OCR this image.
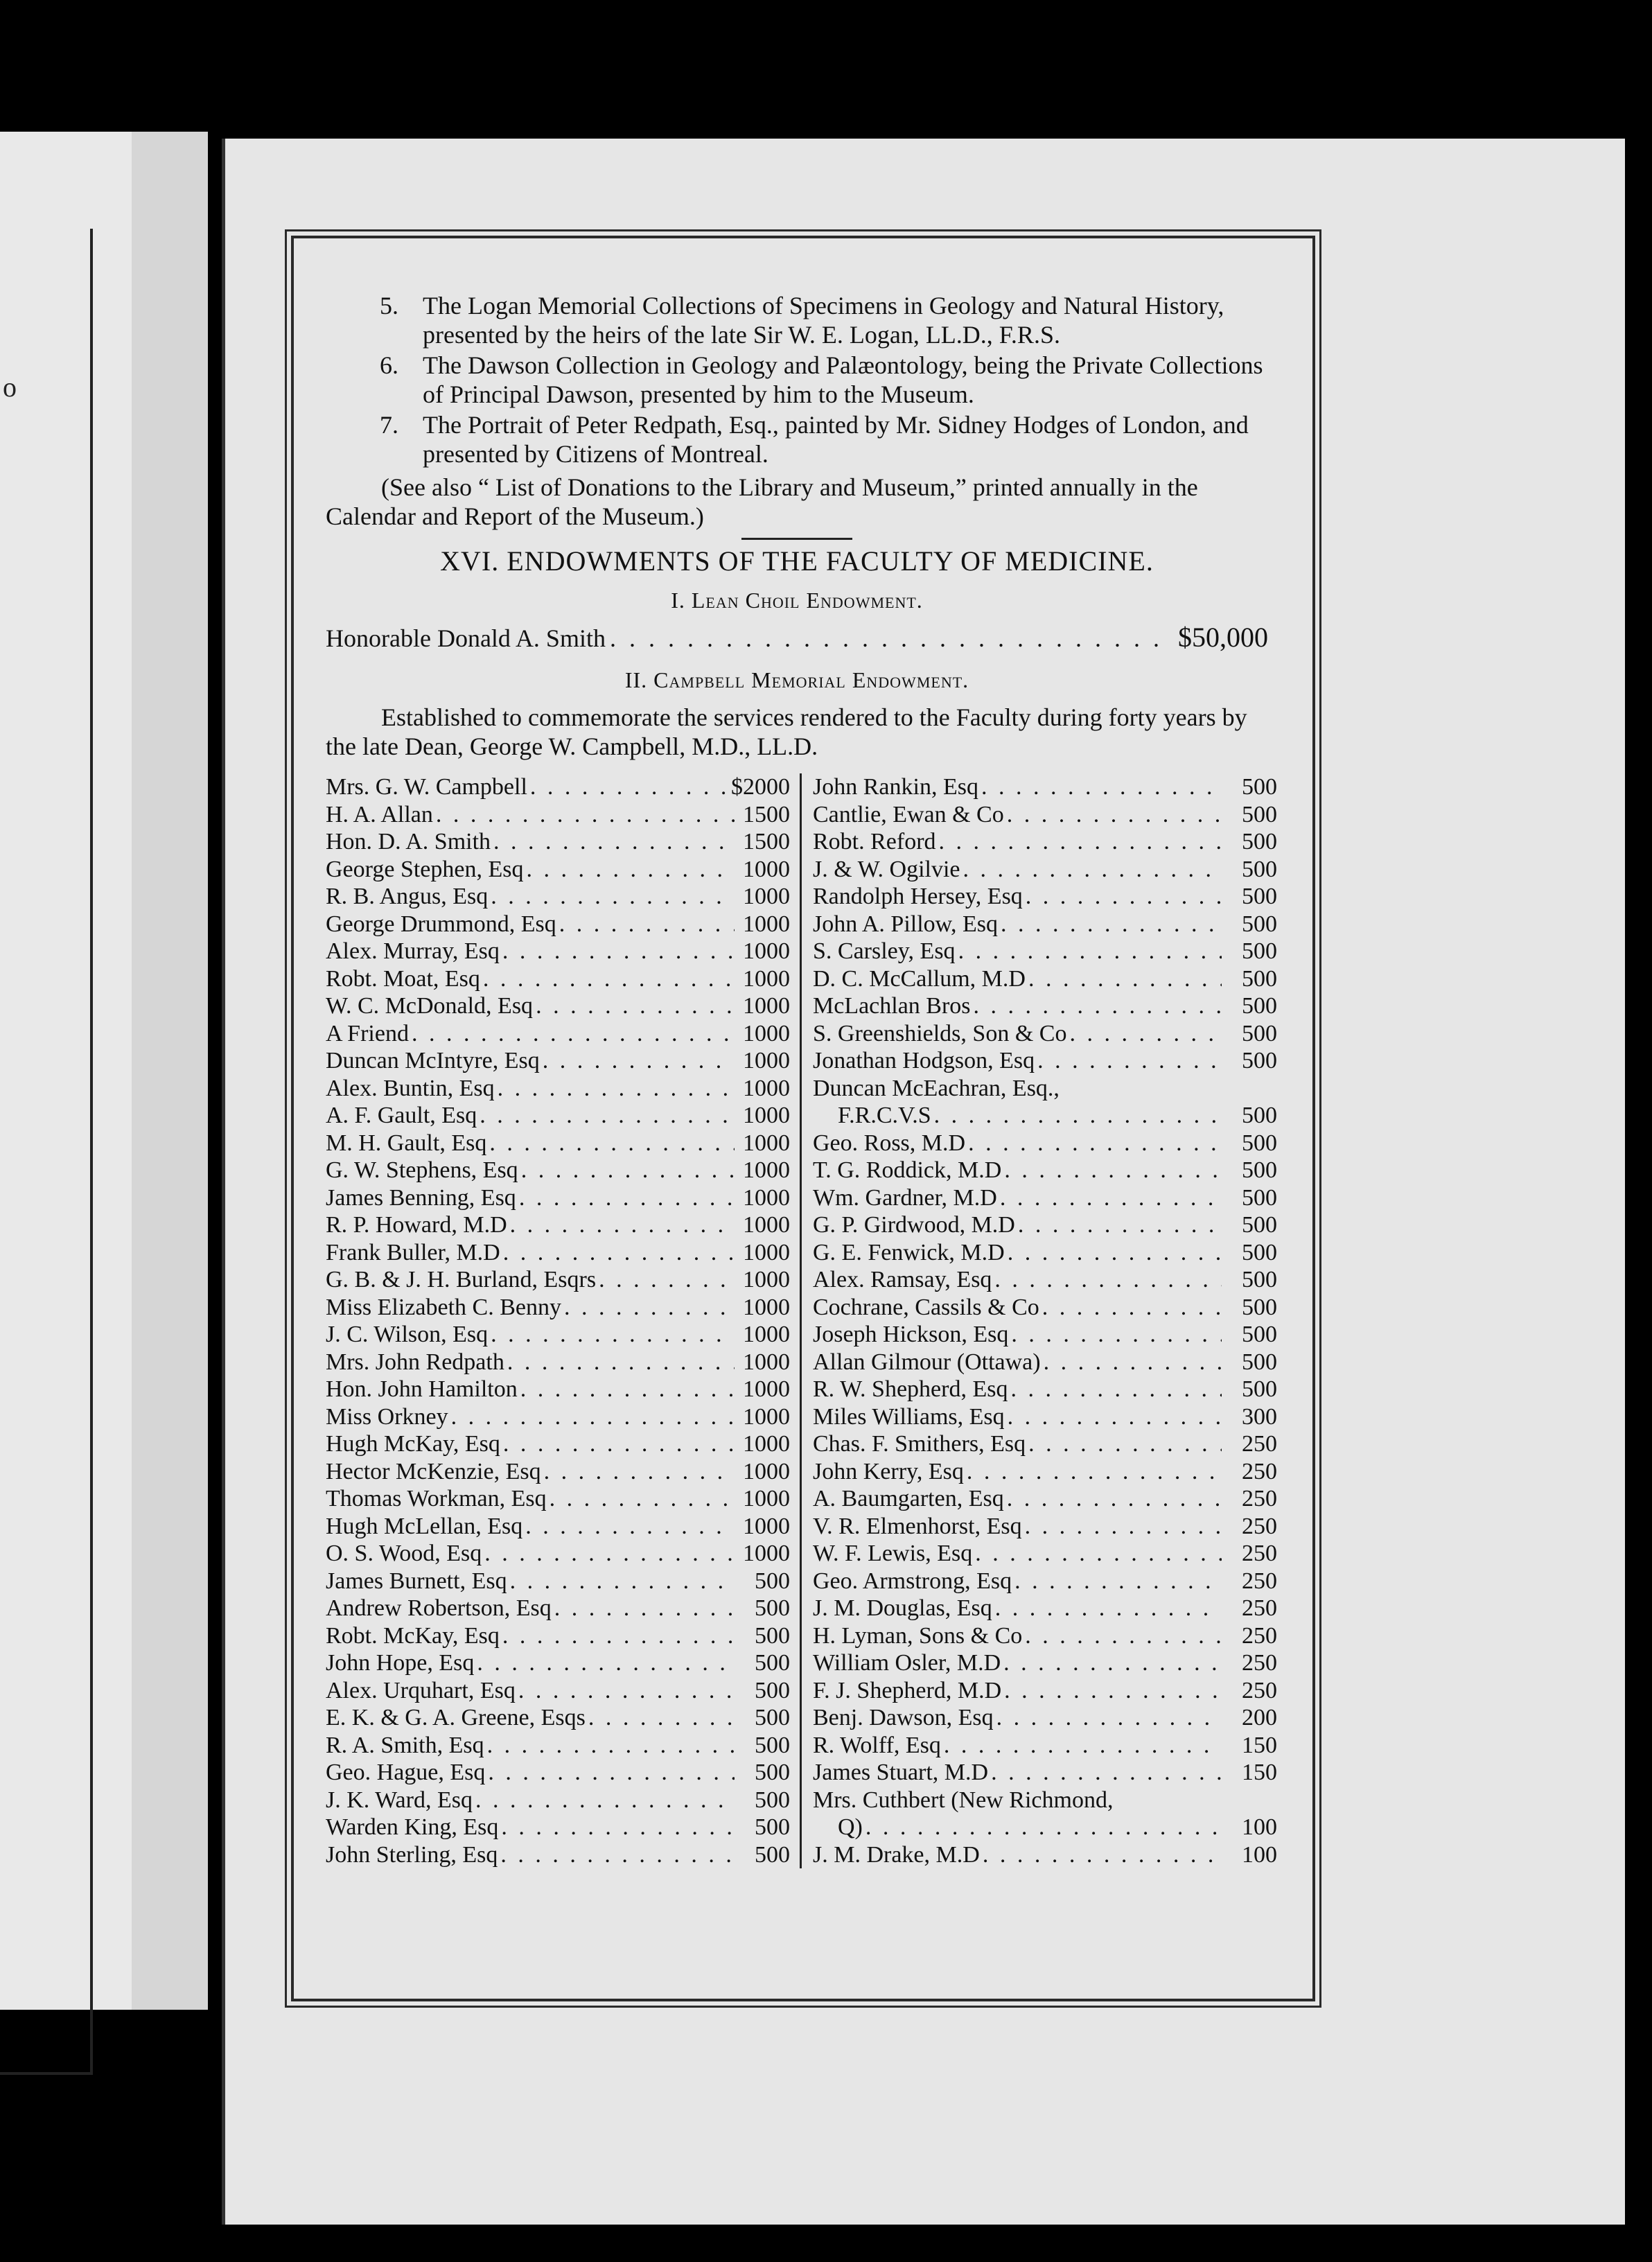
o
5. The Logan Memorial Collections of Specimens in Geology and Natural History, presented by the heirs of the late Sir W. E. Logan, LL.D., F.R.S.
6. The Dawson Collection in Geology and Palæontology, being the Private Collections of Principal Dawson, presented by him to the Museum.
7. The Portrait of Peter Redpath, Esq., painted by Mr. Sidney Hodges of London, and presented by Citizens of Montreal.
(See also “ List of Donations to the Library and Museum,” printed annually in the Calendar and Report of the Museum.)
XVI. ENDOWMENTS OF THE FACULTY OF MEDICINE.
I. Lean Choil Endowment.
Honorable Donald A. Smith . . .	$50,000
II. Campbell Memorial Endowment.
Established to commemorate the services rendered to the Faculty during forty years by the late Dean, George W. Campbell, M.D., LL.D.
Mrs. G. W. Campbell . . .	$2000
H. A. Allan . . .	1500
Hon. D. A. Smith . . .	1500
George Stephen, Esq . . .	1000
R. B. Angus, Esq . . .	1000
George Drummond, Esq . . .	1000
Alex. Murray, Esq . . .	1000
Robt. Moat, Esq . . .	1000
W. C. McDonald, Esq . . .	1000
A Friend . . .	1000
Duncan McIntyre, Esq . . .	1000
Alex. Buntin, Esq . . .	1000
A. F. Gault, Esq . . .	1000
M. H. Gault, Esq . . .	1000
G. W. Stephens, Esq . . .	1000
James Benning, Esq . . .	1000
R. P. Howard, M.D . . .	1000
Frank Buller, M.D . . .	1000
G. B. & J. H. Burland, Esqrs . . .	1000
Miss Elizabeth C. Benny . . .	1000
J. C. Wilson, Esq . . .	1000
Mrs. John Redpath . . .	1000
Hon. John Hamilton . . .	1000
Miss Orkney . . .	1000
Hugh McKay, Esq . . .	1000
Hector McKenzie, Esq . . .	1000
Thomas Workman, Esq . . .	1000
Hugh McLellan, Esq . . .	1000
O. S. Wood, Esq . . .	1000
James Burnett, Esq . . .	500
Andrew Robertson, Esq . . .	500
Robt. McKay, Esq . . .	500
John Hope, Esq . . .	500
Alex. Urquhart, Esq . . .	500
E. K. & G. A. Greene, Esqs . . .	500
R. A. Smith, Esq . . .	500
Geo. Hague, Esq . . .	500
J. K. Ward, Esq . . .	500
Warden King, Esq . . .	500
John Sterling, Esq . . .	500
John Rankin, Esq . . .	500
Cantlie, Ewan & Co . . .	500
Robt. Reford . . .	500
J. & W. Ogilvie . . .	500
Randolph Hersey, Esq . . .	500
John A. Pillow, Esq . . .	500
S. Carsley, Esq . . .	500
D. C. McCallum, M.D . . .	500
McLachlan Bros . . .	500
S. Greenshields, Son & Co . . .	500
Jonathan Hodgson, Esq . . .	500
Duncan McEachran, Esq.,
F.R.C.V.S . . .	500
Geo. Ross, M.D . . .	500
T. G. Roddick, M.D . . .	500
Wm. Gardner, M.D . . .	500
G. P. Girdwood, M.D . . .	500
G. E. Fenwick, M.D . . .	500
Alex. Ramsay, Esq . . .	500
Cochrane, Cassils & Co . . .	500
Joseph Hickson, Esq . . .	500
Allan Gilmour (Ottawa) . . .	500
R. W. Shepherd, Esq . . .	500
Miles Williams, Esq . . .	300
Chas. F. Smithers, Esq . . .	250
John Kerry, Esq . . .	250
A. Baumgarten, Esq . . .	250
V. R. Elmenhorst, Esq . . .	250
W. F. Lewis, Esq . . .	250
Geo. Armstrong, Esq . . .	250
J. M. Douglas, Esq . . .	250
H. Lyman, Sons & Co . . .	250
William Osler, M.D . . .	250
F. J. Shepherd, M.D . . .	250
Benj. Dawson, Esq . . .	200
R. Wolff, Esq . . .	150
James Stuart, M.D . . .	150
Mrs. Cuthbert (New Richmond,
Q) . . .	100
J. M. Drake, M.D . . .	100
